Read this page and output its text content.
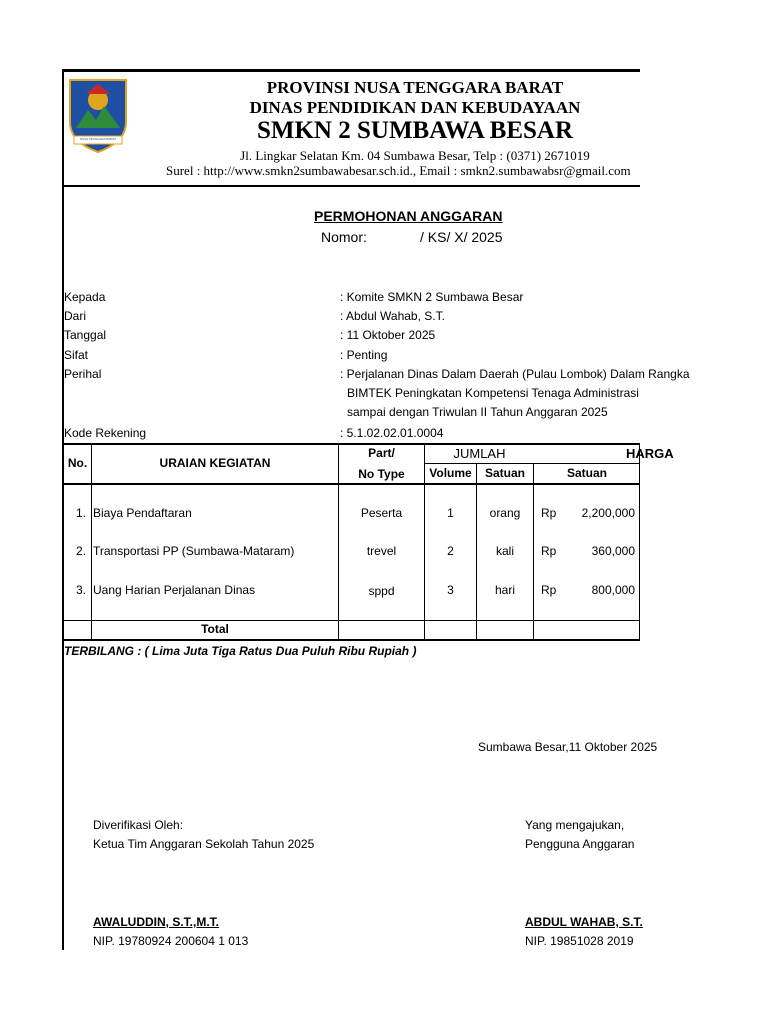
NUSA TENGGARA BARAT
PROVINSI NUSA TENGGARA BARAT
DINAS PENDIDIKAN DAN KEBUDAYAAN
SMKN 2 SUMBAWA BESAR
Jl. Lingkar Selatan Km. 04 Sumbawa Besar, Telp : (0371) 2671019
Surel : http://www.smkn2sumbawabesar.sch.id., Email : smkn2.sumbawabsr@gmail.com
PERMOHONAN ANGGARAN
Nomor:	/ KS/ X/ 2025
Kepada	: Komite SMKN 2 Sumbawa Besar
Dari	: Abdul Wahab, S.T.
Tanggal	: 11 Oktober 2025
Sifat	: Penting
Perihal	: Perjalanan Dinas Dalam Daerah (Pulau Lombok) Dalam Rangka
BIMTEK Peningkatan Kompetensi Tenaga Administrasi
sampai dengan Triwulan II Tahun Anggaran 2025
Kode Rekening	: 5.1.02.02.01.0004
No.	URAIAN KEGIATAN
Part/
No Type
JUMLAH
Volume	Satuan
HARGA
Satuan
1. Biaya Pendaftaran	Peserta	1	orang	Rp	2,200,000
2. Transportasi PP (Sumbawa-Mataram)	trevel	2	kali	Rp	360,000
3. Uang Harian Perjalanan Dinas	sppd	3	hari	Rp	800,000
Total
TERBILANG : ( Lima Juta Tiga Ratus Dua Puluh Ribu Rupiah )
Sumbawa Besar,11 Oktober 2025
Diverifikasi Oleh:
Ketua Tim Anggaran Sekolah Tahun 2025
AWALUDDIN, S.T.,M.T.
NIP. 19780924 200604 1 013
Yang mengajukan,
Pengguna Anggaran
ABDUL WAHAB, S.T.
NIP. 19851028 2019
